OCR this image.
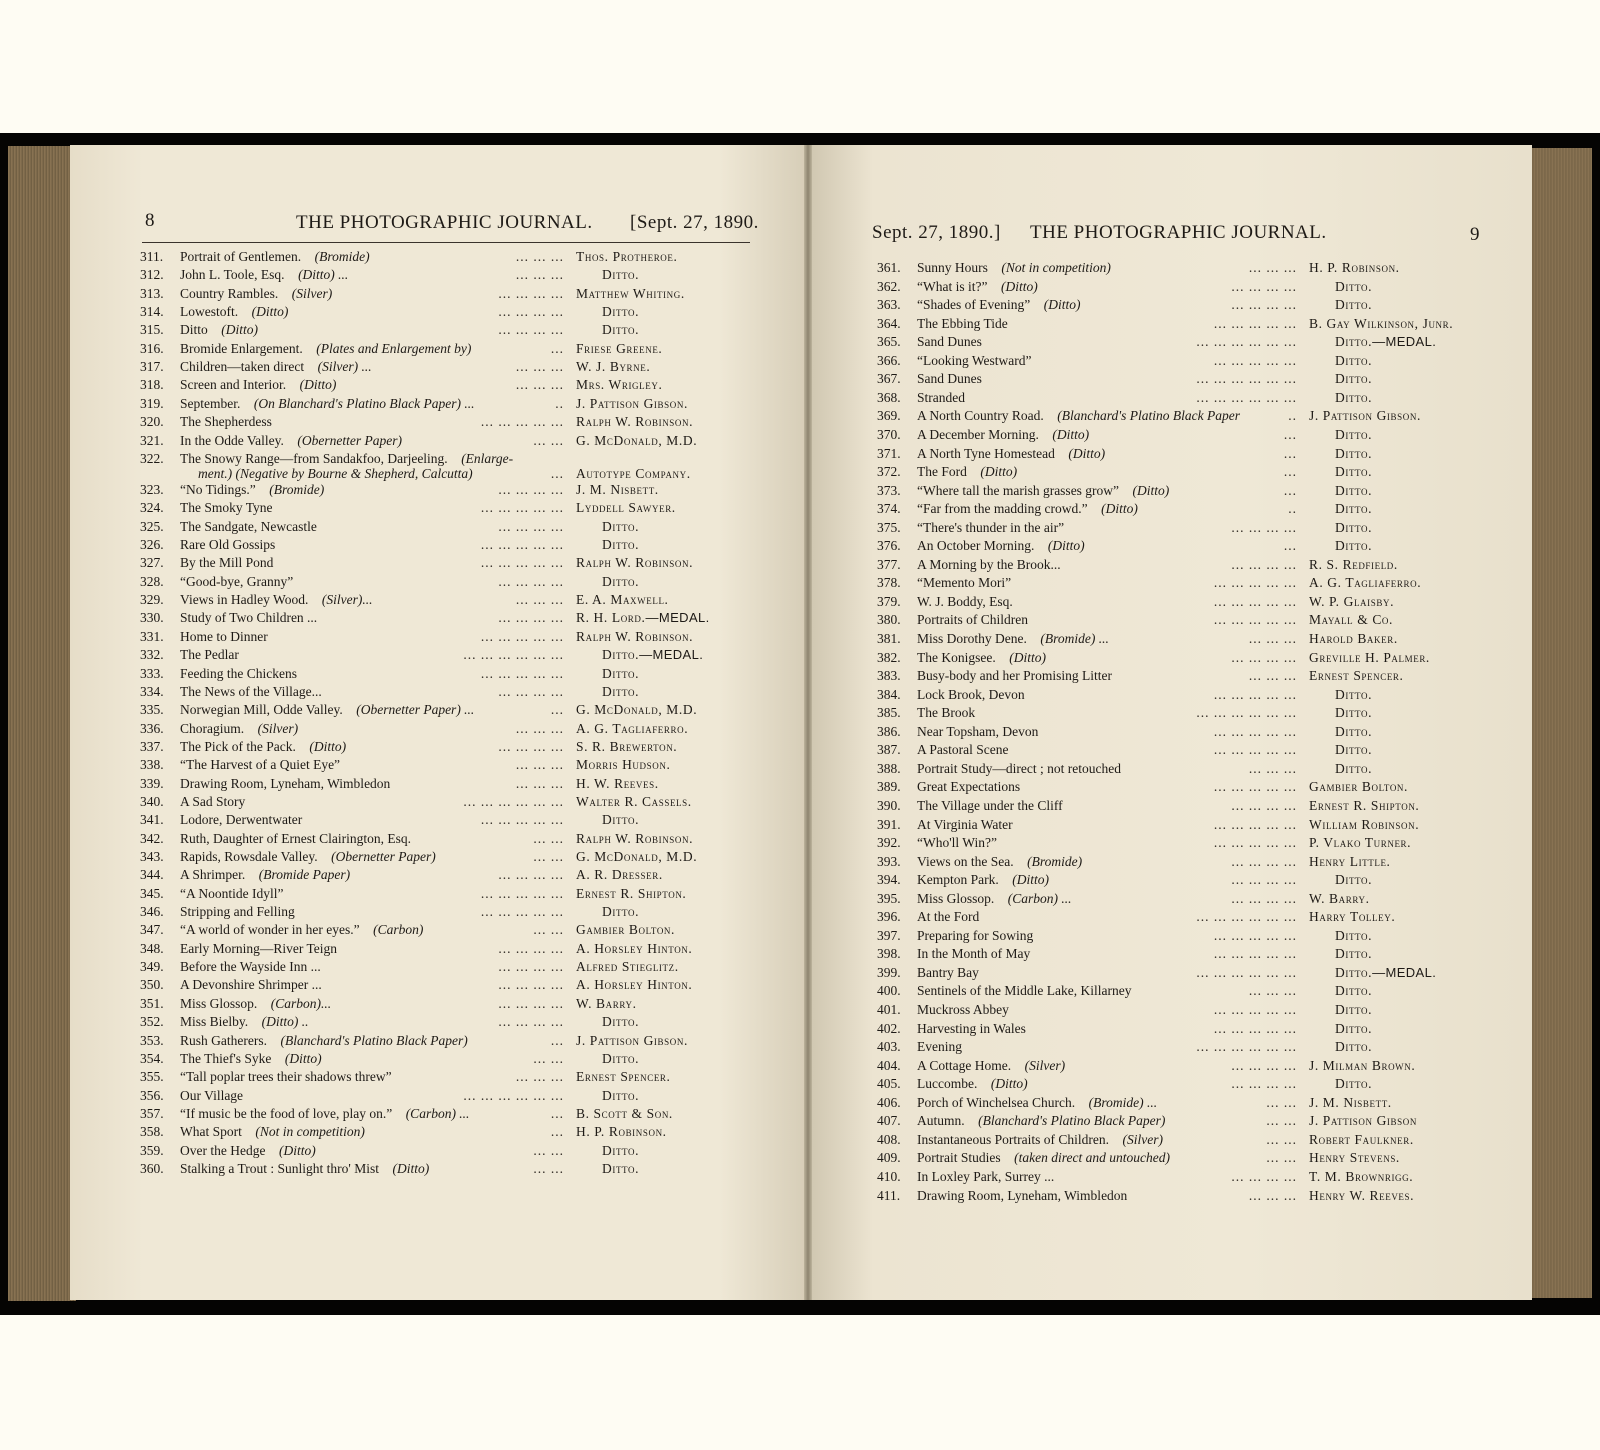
8	THE PHOTOGRAPHIC JOURNAL. [Sept. 27, 1890.	Sept. 27, 1890.] THE PHOTOGRAPHIC JOURNAL.	9
311.	Portrait of Gentlemen.  (Bromide)	... ... ... Thos. Protheroe.
312.	John L. Toole, Esq.  (Ditto) ...	... ... ...	Ditto.
313.	Country Rambles.  (Silver)	... ... ... ... Matthew Whiting.
314.	Lowestoft.  (Ditto)	... ... ... ...	Ditto.
315.	Ditto  (Ditto)	... ... ... ...	Ditto.
316.	Bromide Enlargement.  (Plates and Enlargement by)	... Friese Greene.
317.	Children—taken direct  (Silver) ...	... ... ... W. J. Byrne.
318.	Screen and Interior.  (Ditto)	... ... ... Mrs. Wrigley.
319.	September.  (On Blanchard's Platino Black Paper) ...	.. J. Pattison Gibson.
320.	The Shepherdess	... ... ... ... ... Ralph W. Robinson.
321.	In the Odde Valley.  (Obernetter Paper)	... ... G. McDonald, M.D.
322.	The Snowy Range—from Sandakfoo, Darjeeling.  (Enlarge-
ment.) (Negative by Bourne & Shepherd, Calcutta)	... Autotype Company.
323.	“No Tidings.”  (Bromide)	... ... ... ... J. M. Nisbett.
324.	The Smoky Tyne	... ... ... ... ... Lyddell Sawyer.
325.	The Sandgate, Newcastle	... ... ... ...	Ditto.
326.	Rare Old Gossips	... ... ... ... ...	Ditto.
327.	By the Mill Pond	... ... ... ... ... Ralph W. Robinson.
328.	“Good-bye, Granny”	... ... ... ...	Ditto.
329.	Views in Hadley Wood.  (Silver)...	... ... ... E. A. Maxwell.
330.	Study of Two Children ...	... ... ... ... R. H. Lord.—MEDAL.
331.	Home to Dinner	... ... ... ... ... Ralph W. Robinson.
332.	The Pedlar	... ... ... ... ... ...	Ditto.—MEDAL.
333.	Feeding the Chickens	... ... ... ... ...	Ditto.
334.	The News of the Village...	... ... ... ...	Ditto.
335.	Norwegian Mill, Odde Valley.  (Obernetter Paper) ...	... G. McDonald, M.D.
336.	Choragium.  (Silver)	... ... ... A. G. Tagliaferro.
337.	The Pick of the Pack.  (Ditto)	... ... ... ... S. R. Brewerton.
338.	“The Harvest of a Quiet Eye”	... ... ... Morris Hudson.
339.	Drawing Room, Lyneham, Wimbledon	... ... ... H. W. Reeves.
340.	A Sad Story	... ... ... ... ... ... Walter R. Cassels.
341.	Lodore, Derwentwater	... ... ... ... ...	Ditto.
342.	Ruth, Daughter of Ernest Clairington, Esq.	... ... Ralph W. Robinson.
343.	Rapids, Rowsdale Valley.  (Obernetter Paper)	... ... G. McDonald, M.D.
344.	A Shrimper.  (Bromide Paper)	... ... ... ... A. R. Dresser.
345.	“A Noontide Idyll”	... ... ... ... ... Ernest R. Shipton.
346.	Stripping and Felling	... ... ... ... ...	Ditto.
347.	“A world of wonder in her eyes.”  (Carbon)	... ... Gambier Bolton.
348.	Early Morning—River Teign	... ... ... ... A. Horsley Hinton.
349.	Before the Wayside Inn ...	... ... ... ... Alfred Stieglitz.
350.	A Devonshire Shrimper ...	... ... ... ... A. Horsley Hinton.
351.	Miss Glossop.  (Carbon)...	... ... ... ... W. Barry.
352.	Miss Bielby.  (Ditto) ..	... ... ... ...	Ditto.
353.	Rush Gatherers.  (Blanchard's Platino Black Paper)	... J. Pattison Gibson.
354.	The Thief's Syke  (Ditto)	... ...	Ditto.
355.	“Tall poplar trees their shadows threw”	... ... ... Ernest Spencer.
356.	Our Village	... ... ... ... ... ...	Ditto.
357.	“If music be the food of love, play on.”  (Carbon) ...	... B. Scott & Son.
358.	What Sport  (Not in competition)	... H. P. Robinson.
359.	Over the Hedge  (Ditto)	... ...	Ditto.
360.	Stalking a Trout : Sunlight thro' Mist  (Ditto)	... ...	Ditto.
361.	Sunny Hours  (Not in competition)	... ... ... H. P. Robinson.
362.	“What is it?”  (Ditto)	... ... ... ...	Ditto.
363.	“Shades of Evening”  (Ditto)	... ... ... ...	Ditto.
364.	The Ebbing Tide	... ... ... ... ... B. Gay Wilkinson, Junr.
365.	Sand Dunes	... ... ... ... ... ...	Ditto.—MEDAL.
366.	“Looking Westward”	... ... ... ... ...	Ditto.
367.	Sand Dunes	... ... ... ... ... ...	Ditto.
368.	Stranded	... ... ... ... ... ...	Ditto.
369.	A North Country Road.  (Blanchard's Platino Black Paper	.. J. Pattison Gibson.
370.	A December Morning.  (Ditto)	...	Ditto.
371.	A North Tyne Homestead  (Ditto)	...	Ditto.
372.	The Ford  (Ditto)	...	Ditto.
373.	“Where tall the marish grasses grow”  (Ditto)	...	Ditto.
374.	“Far from the madding crowd.”  (Ditto)	..	Ditto.
375.	“There's thunder in the air”	... ... ... ...	Ditto.
376.	An October Morning.  (Ditto)	...	Ditto.
377.	A Morning by the Brook...	... ... ... ... R. S. Redfield.
378.	“Memento Mori”	... ... ... ... ... A. G. Tagliaferro.
379.	W. J. Boddy, Esq.	... ... ... ... ... W. P. Glaisby.
380.	Portraits of Children	... ... ... ... ... Mayall & Co.
381.	Miss Dorothy Dene.  (Bromide) ...	... ... ... Harold Baker.
382.	The Konigsee.  (Ditto)	... ... ... ... Greville H. Palmer.
383.	Busy-body and her Promising Litter	... ... ... Ernest Spencer.
384.	Lock Brook, Devon	... ... ... ... ...	Ditto.
385.	The Brook	... ... ... ... ... ...	Ditto.
386.	Near Topsham, Devon	... ... ... ... ...	Ditto.
387.	A Pastoral Scene	... ... ... ... ...	Ditto.
388.	Portrait Study—direct ; not retouched	... ... ...	Ditto.
389.	Great Expectations	... ... ... ... ... Gambier Bolton.
390.	The Village under the Cliff	... ... ... ... Ernest R. Shipton.
391.	At Virginia Water	... ... ... ... ... William Robinson.
392.	“Who'll Win?”	... ... ... ... ... P. Vlako Turner.
393.	Views on the Sea.  (Bromide)	... ... ... ... Henry Little.
394.	Kempton Park.  (Ditto)	... ... ... ...	Ditto.
395.	Miss Glossop.  (Carbon) ...	... ... ... ... W. Barry.
396.	At the Ford	... ... ... ... ... ... Harry Tolley.
397.	Preparing for Sowing	... ... ... ... ...	Ditto.
398.	In the Month of May	... ... ... ... ...	Ditto.
399.	Bantry Bay	... ... ... ... ... ...	Ditto.—MEDAL.
400.	Sentinels of the Middle Lake, Killarney	... ... ...	Ditto.
401.	Muckross Abbey	... ... ... ... ...	Ditto.
402.	Harvesting in Wales	... ... ... ... ...	Ditto.
403.	Evening	... ... ... ... ... ...	Ditto.
404.	A Cottage Home.  (Silver)	... ... ... ... J. Milman Brown.
405.	Luccombe.  (Ditto)	... ... ... ...	Ditto.
406.	Porch of Winchelsea Church.  (Bromide) ...	... ... J. M. Nisbett.
407.	Autumn.  (Blanchard's Platino Black Paper)	... ... J. Pattison Gibson
408.	Instantaneous Portraits of Children.  (Silver)	... ... Robert Faulkner.
409.	Portrait Studies  (taken direct and untouched)	... ... Henry Stevens.
410.	In Loxley Park, Surrey ...	... ... ... ... T. M. Brownrigg.
411.	Drawing Room, Lyneham, Wimbledon	... ... ... Henry W. Reeves.
